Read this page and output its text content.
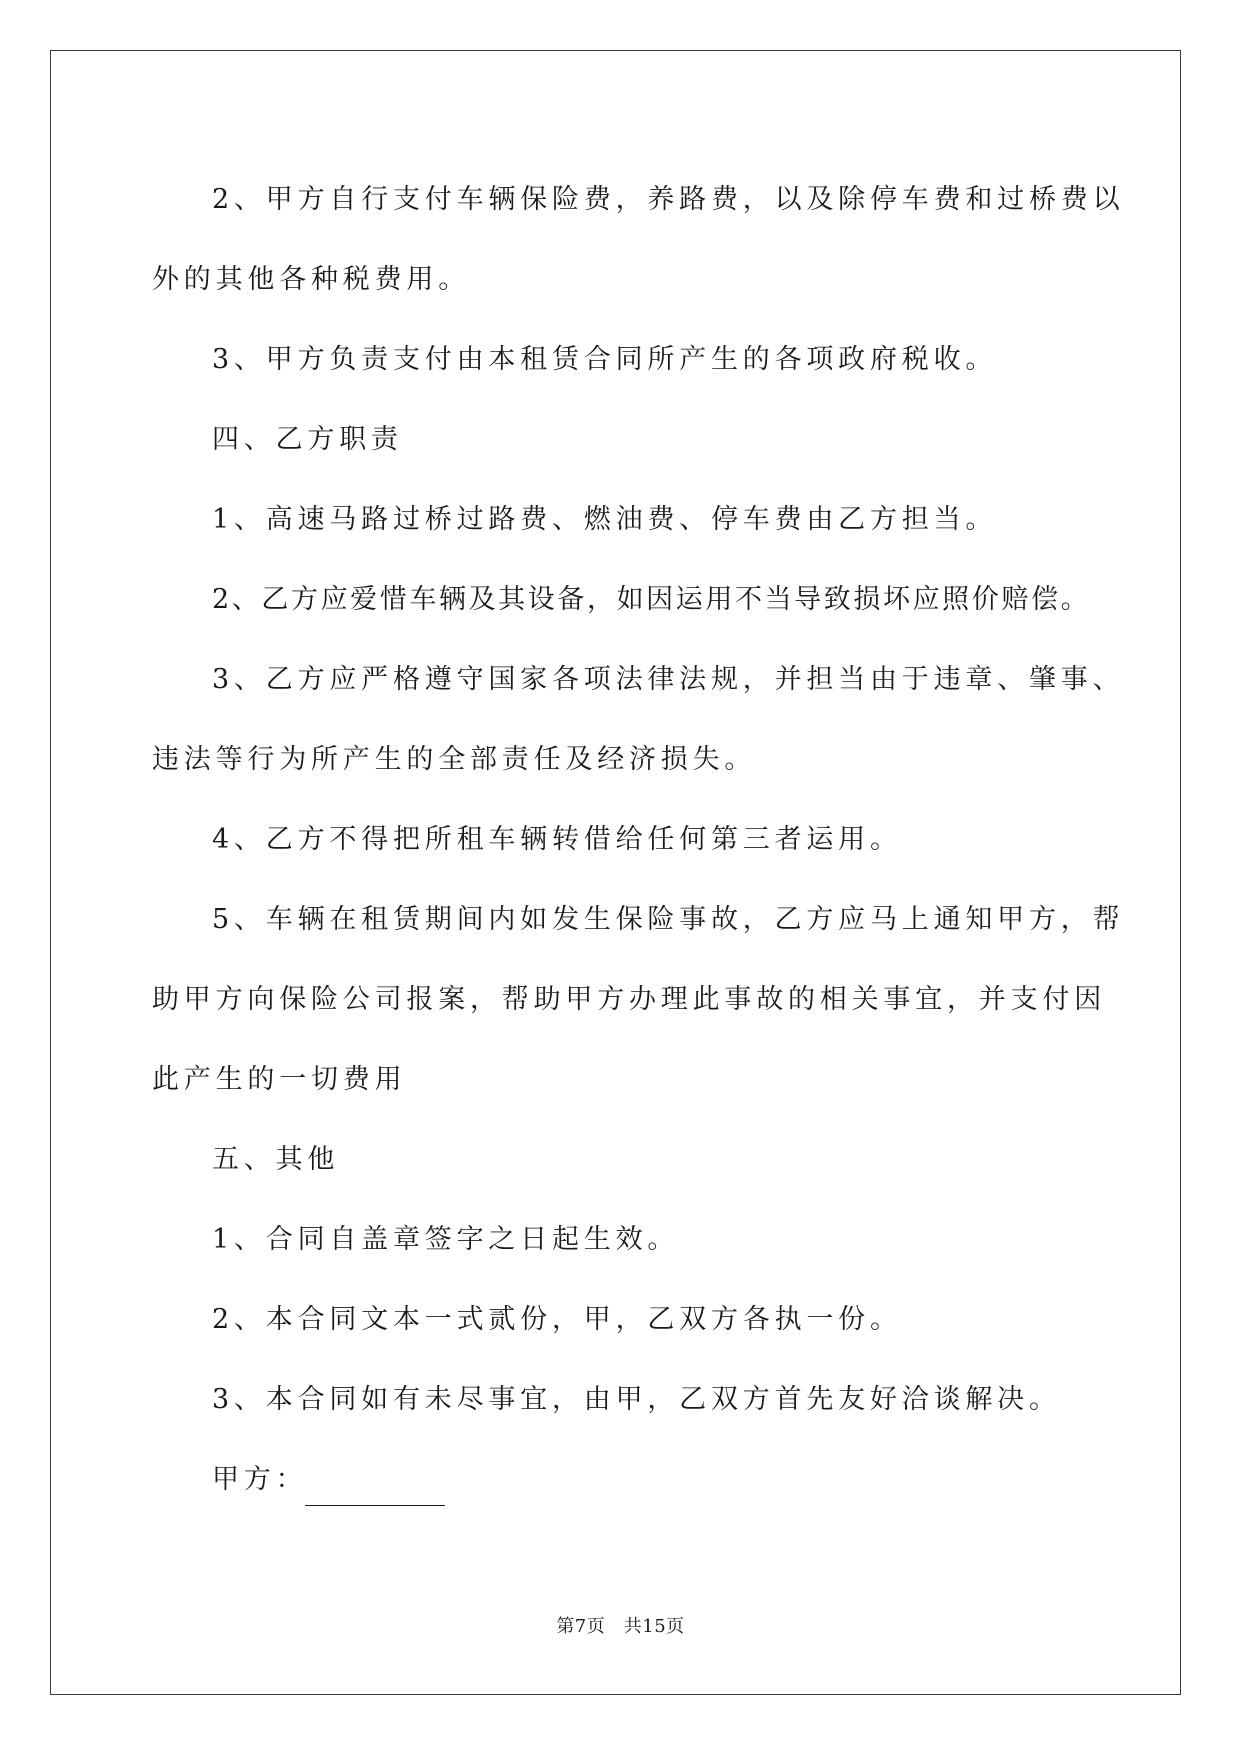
2、甲方自行支付车辆保险费，养路费，以及除停车费和过桥费以
外的其他各种税费用。
3、甲方负责支付由本租赁合同所产生的各项政府税收。
四、乙方职责
1、高速马路过桥过路费、燃油费、停车费由乙方担当。
2、乙方应爱惜车辆及其设备，如因运用不当导致损坏应照价赔偿。
3、乙方应严格遵守国家各项法律法规，并担当由于违章、肇事、
违法等行为所产生的全部责任及经济损失。
4、乙方不得把所租车辆转借给任何第三者运用。
5、车辆在租赁期间内如发生保险事故，乙方应马上通知甲方，帮
助甲方向保险公司报案，帮助甲方办理此事故的相关事宜，并支付因
此产生的一切费用
五、其他
1、合同自盖章签字之日起生效。
2、本合同文本一式贰份，甲，乙双方各执一份。
3、本合同如有未尽事宜，由甲，乙双方首先友好洽谈解决。
甲方：
第7页　共15页
